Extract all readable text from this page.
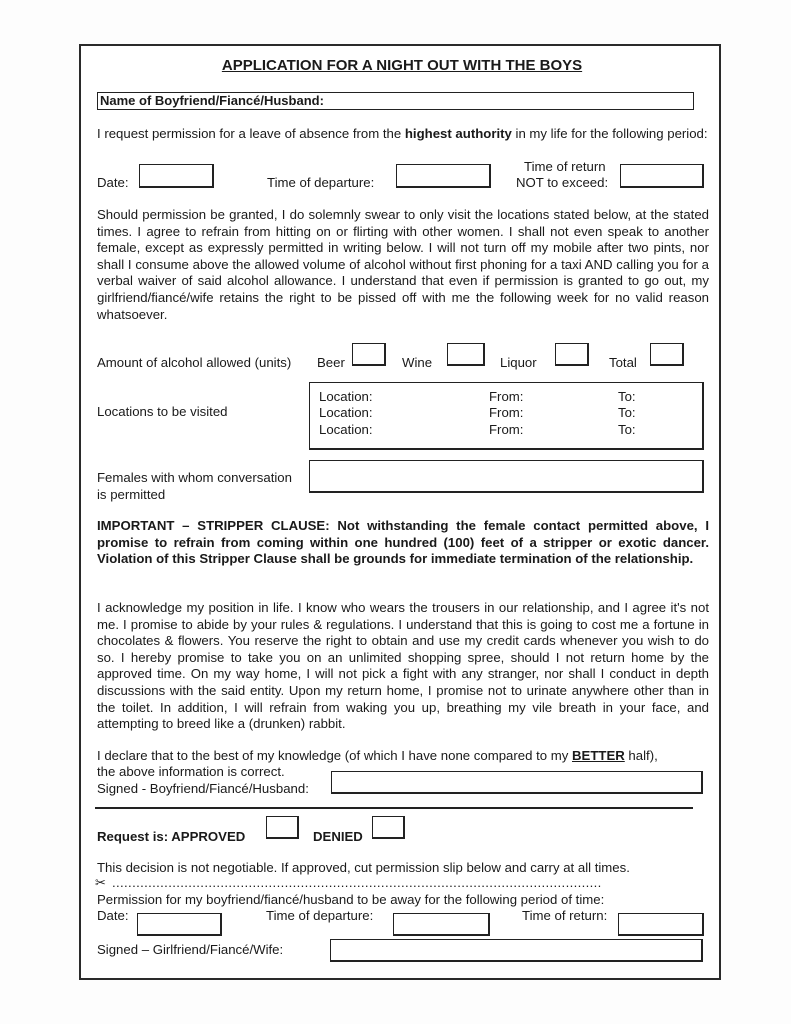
APPLICATION FOR A NIGHT OUT WITH THE BOYS
Name of Boyfriend/Fiancé/Husband:
I request permission for a leave of absence from the highest authority in my life for the following period:
Date:	Time of departure:
Time of return
NOT to exceed:
Should permission be granted, I do solemnly swear to only visit the locations stated below, at the stated times. I agree to refrain from hitting on or flirting with other women. I shall not even speak to another female, except as expressly permitted in writing below. I will not turn off my mobile after two pints, nor shall I consume above the allowed volume of alcohol without first phoning for a taxi AND calling you for a verbal waiver of said alcohol allowance. I understand that even if permission is granted to go out, my girlfriend/fiancé/wife retains the right to be pissed off with me the following week for no valid reason whatsoever.
Amount of alcohol allowed (units) Beer	Wine	Liquor	Total
Locations to be visited
Location:	From:	To:
Location:	From:	To:
Location:	From:	To:
Females with whom conversation
is permitted
IMPORTANT – STRIPPER CLAUSE: Not withstanding the female contact permitted above, I promise to refrain from coming within one hundred (100) feet of a stripper or exotic dancer. Violation of this Stripper Clause shall be grounds for immediate termination of the relationship.
I acknowledge my position in life. I know who wears the trousers in our relationship, and I agree it's not me. I promise to abide by your rules & regulations. I understand that this is going to cost me a fortune in chocolates & flowers. You reserve the right to obtain and use my credit cards whenever you wish to do so. I hereby promise to take you on an unlimited shopping spree, should I not return home by the approved time. On my way home, I will not pick a fight with any stranger, nor shall I conduct in depth discussions with the said entity. Upon my return home, I promise not to urinate anywhere other than in the toilet. In addition, I will refrain from waking you up, breathing my vile breath in your face, and attempting to breed like a (drunken) rabbit.
I declare that to the best of my knowledge (of which I have none compared to my BETTER half),
the above information is correct.
Signed - Boyfriend/Fiancé/Husband:
Request is: APPROVED	DENIED
This decision is not negotiable. If approved, cut permission slip below and carry at all times.
✂ ..........................................................................................................................
Permission for my boyfriend/fiancé/husband to be away for the following period of time:
Date:	Time of departure:	Time of return:
Signed – Girlfriend/Fiancé/Wife:
